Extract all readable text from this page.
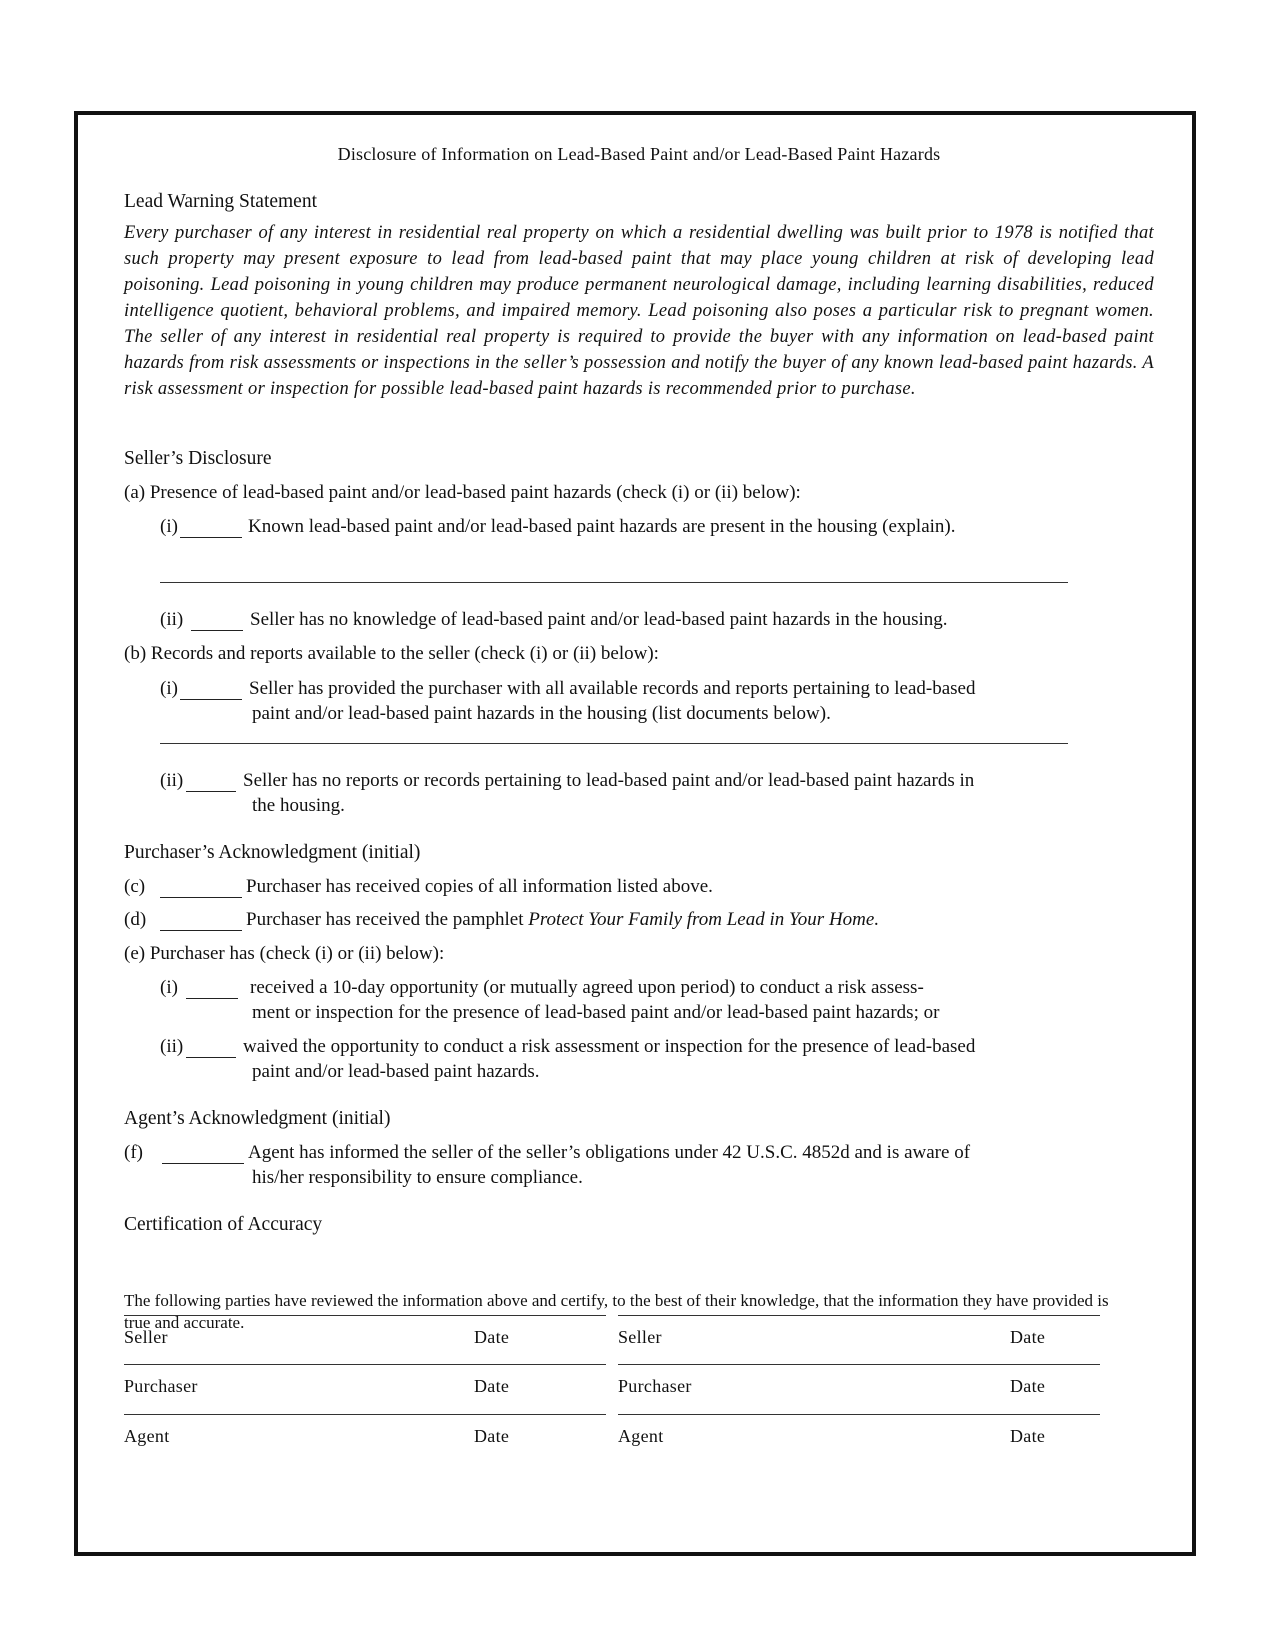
Disclosure of Information on Lead-Based Paint and/or Lead-Based Paint Hazards
Lead Warning Statement
Every purchaser of any interest in residential real property on which a residential dwelling was built prior to 1978 is notified that such property may present exposure to lead from lead-based paint that may place young children at risk of developing lead poisoning. Lead poisoning in young children may produce permanent neurological damage, including learning disabilities, reduced intelligence quotient, behavioral problems, and impaired memory. Lead poisoning also poses a particular risk to pregnant women. The seller of any interest in residential real property is required to provide the buyer with any information on lead-based paint hazards from risk assessments or inspections in the seller’s possession and notify the buyer of any known lead-based paint hazards. A risk assessment or inspection for possible lead-based paint hazards is recommended prior to purchase.
Seller’s Disclosure
(a) Presence of lead-based paint and/or lead-based paint hazards (check (i) or (ii) below):
(i)	Known lead-based paint and/or lead-based paint hazards are present in the housing (explain).
(ii)	Seller has no knowledge of lead-based paint and/or lead-based paint hazards in the housing.
(b) Records and reports available to the seller (check (i) or (ii) below):
(i)	Seller has provided the purchaser with all available records and reports pertaining to lead-based
paint and/or lead-based paint hazards in the housing (list documents below).
(ii)	Seller has no reports or records pertaining to lead-based paint and/or lead-based paint hazards in
the housing.
Purchaser’s Acknowledgment (initial)
(c)	Purchaser has received copies of all information listed above.
(d)	Purchaser has received the pamphlet Protect Your Family from Lead in Your Home.
(e) Purchaser has (check (i) or (ii) below):
(i)	received a 10-day opportunity (or mutually agreed upon period) to conduct a risk assess-
ment or inspection for the presence of lead-based paint and/or lead-based paint hazards; or
(ii)	waived the opportunity to conduct a risk assessment or inspection for the presence of lead-based
paint and/or lead-based paint hazards.
Agent’s Acknowledgment (initial)
(f)	Agent has informed the seller of the seller’s obligations under 42 U.S.C. 4852d and is aware of
his/her responsibility to ensure compliance.
Certification of Accuracy
The following parties have reviewed the information above and certify, to the best of their knowledge, that the information they have provided is true and accurate.
Seller	Date	Seller	Date
Purchaser	Date	Purchaser	Date
Agent	Date	Agent	Date
